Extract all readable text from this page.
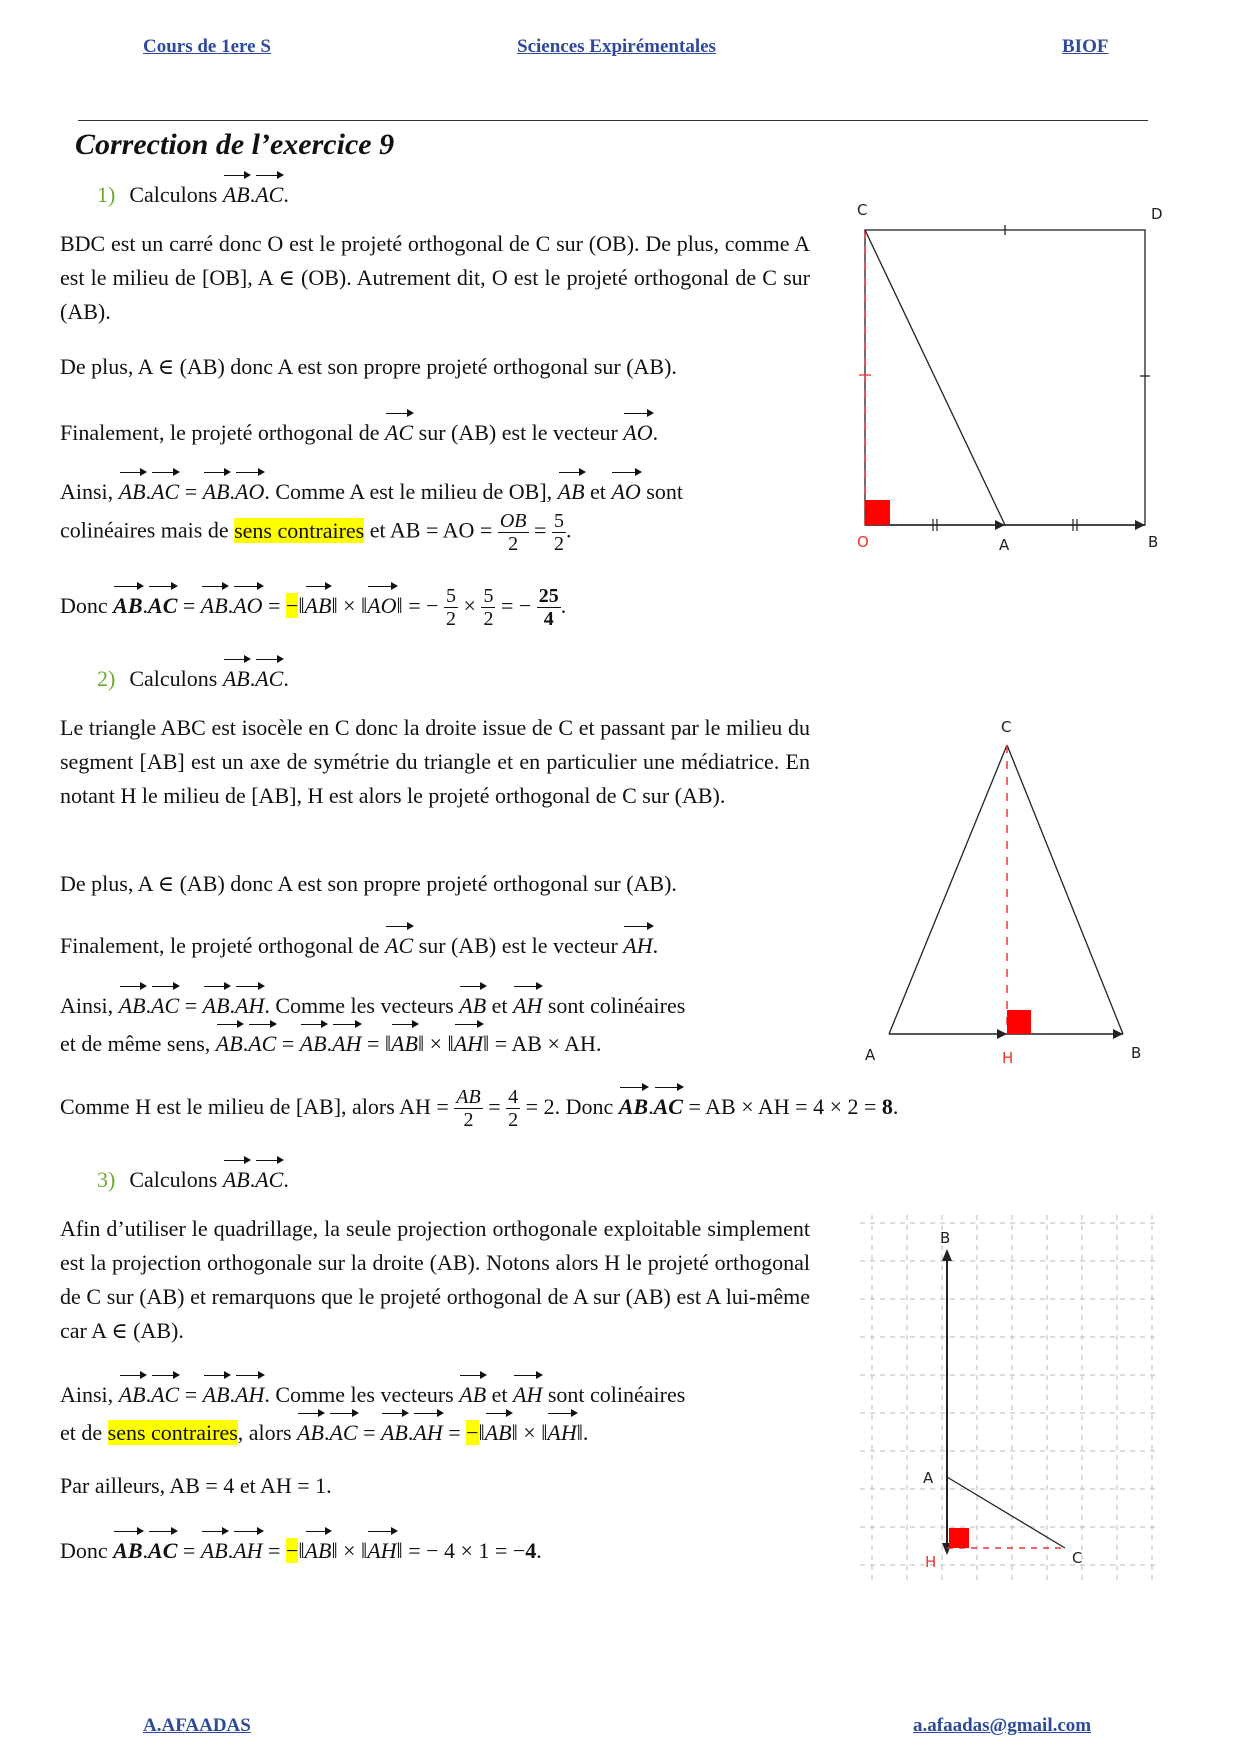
Cours de 1ere S	Sciences Expirémentales	BIOF
Correction de l’exercice 9
1) Calculons AB.AC.
BDC est un carré donc O est le projeté orthogonal de C sur (OB). De plus, comme A est le milieu de [OB], A ∈ (OB). Autrement dit, O est le projeté orthogonal de C sur (AB).
De plus, A ∈ (AB) donc A est son propre projeté orthogonal sur (AB).
Finalement, le projeté orthogonal de AC sur (AB) est le vecteur AO.
Ainsi, AB.AC = AB.AO. Comme A est le milieu de OB], AB et AO sont
colinéaires mais de sens contraires et AB = AO = $\frac{OB}{2} = \frac{5}{2}$ .
Donc AB.AC = AB.AO = −‖AB‖ × ‖AO‖ = − $\frac{5}{2} \times \frac{5}{2}$ = − $\frac{25}{4}$ .
C	D
O	A	B
2) Calculons AB.AC.
Le triangle ABC est isocèle en C donc la droite issue de C et passant par le milieu du segment [AB] est un axe de symétrie du triangle et en particulier une médiatrice. En notant H le milieu de [AB], H est alors le projeté orthogonal de C sur (AB).
De plus, A ∈ (AB) donc A est son propre projeté orthogonal sur (AB).
Finalement, le projeté orthogonal de AC sur (AB) est le vecteur AH.
Ainsi, AB.AC = AB.AH. Comme les vecteurs AB et AH sont colinéaires
et de même sens, AB.AC = AB.AH = ‖AB‖ × ‖AH‖ = AB × AH.
Comme H est le milieu de [AB], alors AH = $\frac{AB}{2} = \frac{4}{2} = 2$. Donc AB.AC = AB × AH = 4 × 2 = 8.
C
A	H	B
3) Calculons AB.AC.
Afin d’utiliser le quadrillage, la seule projection orthogonale exploitable simplement est la projection orthogonale sur la droite (AB). Notons alors H le projeté orthogonal de C sur (AB) et remarquons que le projeté orthogonal de A sur (AB) est A lui-même car A ∈ (AB).
Ainsi, AB.AC = AB.AH. Comme les vecteurs AB et AH sont colinéaires
et de sens contraires, alors AB.AC = AB.AH = −‖AB‖ × ‖AH‖.
Par ailleurs, AB = 4 et AH = 1.
Donc AB.AC = AB.AH = −‖AB‖ × ‖AH‖ = − 4 × 1 = −4.
B
A
H	C
A.AFAADAS	a.afaadas@gmail.com
